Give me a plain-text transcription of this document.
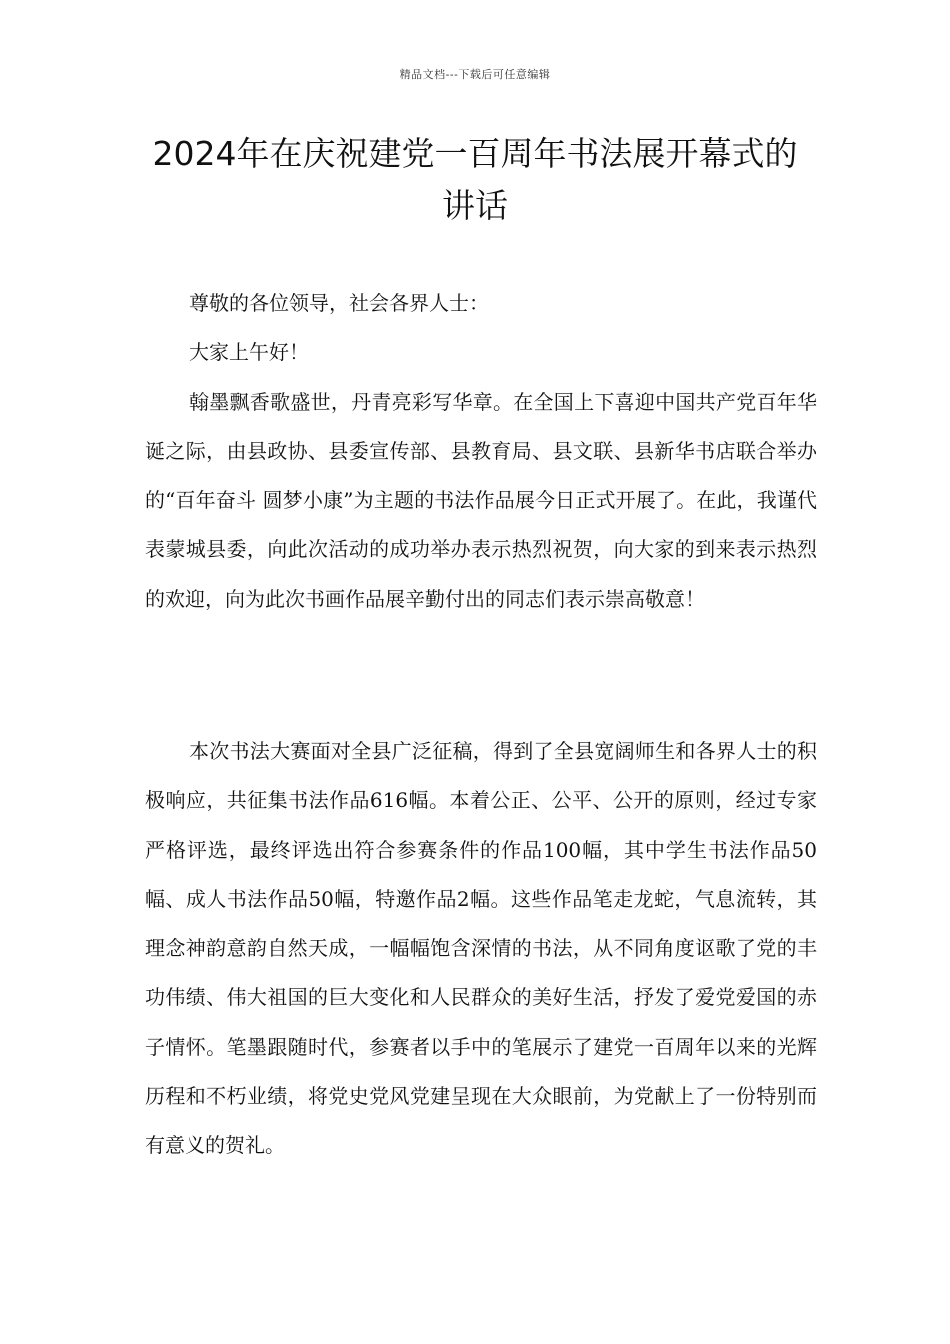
精品文档---下载后可任意编辑
2024年在庆祝建党一百周年书法展开幕式的讲话

尊敬的各位领导，社会各界人士：

大家上午好！

翰墨飘香歌盛世，丹青亮彩写华章。在全国上下喜迎中国共产党百年华诞之际，由县政协、县委宣传部、县教育局、县文联、县新华书店联合举办的“百年奋斗 圆梦小康”为主题的书法作品展今日正式开展了。在此，我谨代表蒙城县委，向此次活动的成功举办表示热烈祝贺，向大家的到来表示热烈的欢迎，向为此次书画作品展辛勤付出的同志们表示崇高敬意！

本次书法大赛面对全县广泛征稿，得到了全县宽阔师生和各界人士的积极响应，共征集书法作品616幅。本着公正、公平、公开的原则，经过专家严格评选，最终评选出符合参赛条件的作品100幅，其中学生书法作品50幅、成人书法作品50幅，特邀作品2幅。这些作品笔走龙蛇，气息流转，其理念神韵意韵自然天成，一幅幅饱含深情的书法，从不同角度讴歌了党的丰功伟绩、伟大祖国的巨大变化和人民群众的美好生活，抒发了爱党爱国的赤子情怀。笔墨跟随时代，参赛者以手中的笔展示了建党一百周年以来的光辉历程和不朽业绩，将党史党风党建呈现在大众眼前，为党献上了一份特别而有意义的贺礼。
